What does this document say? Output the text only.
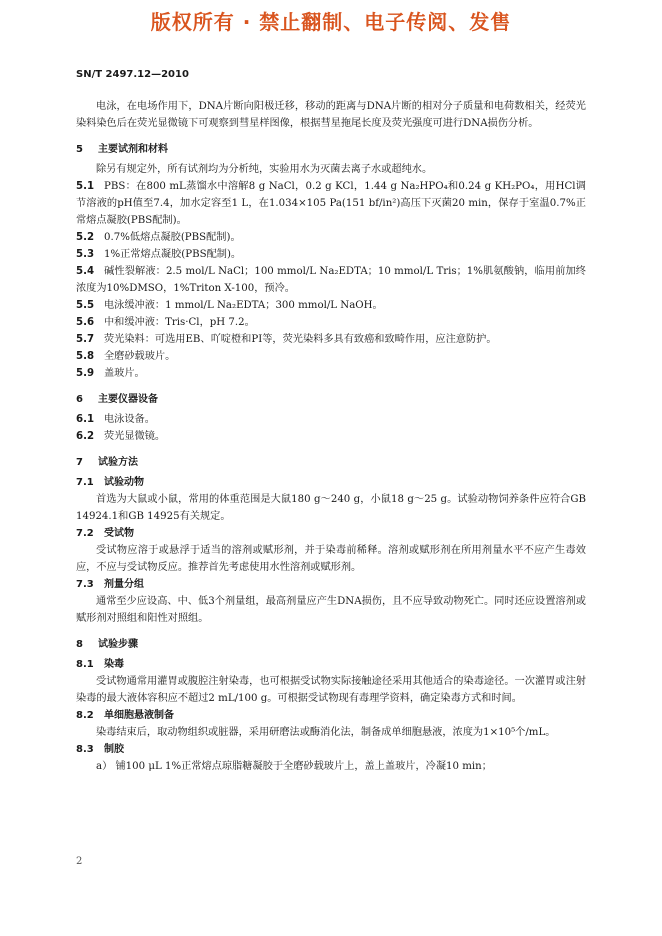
版权所有 · 禁止翻制、电子传阅、发售
SN/T 2497.12—2010

电泳，在电场作用下，DNA片断向阳极迁移，移动的距离与DNA片断的相对分子质量和电荷数相关，经荧光染料染色后在荧光显微镜下可观察到彗星样图像，根据彗星拖尾长度及荧光强度可进行DNA损伤分析。

5 主要试剂和材料

除另有规定外，所有试剂均为分析纯，实验用水为灭菌去离子水或超纯水。

5.1 PBS：在800 mL蒸馏水中溶解8 g NaCl，0.2 g KCl，1.44 g Na₂HPO₄和0.24 g KH₂PO₄，用HCl调节溶液的pH值至7.4，加水定容至1 L，在1.034×105 Pa(151 bf/in²)高压下灭菌20 min，保存于室温0.7%正常熔点凝胶(PBS配制)。

5.2 0.7%低熔点凝胶(PBS配制)。

5.3 1%正常熔点凝胶(PBS配制)。

5.4 碱性裂解液：2.5 mol/L NaCl；100 mmol/L Na₂EDTA；10 mmol/L Tris；1%肌氨酸钠，临用前加终浓度为10%DMSO，1%Triton X-100，预冷。

5.5 电泳缓冲液：1 mmol/L Na₂EDTA；300 mmol/L NaOH。

5.6 中和缓冲液：Tris·Cl，pH 7.2。

5.7 荧光染料：可选用EB、吖啶橙和PI等，荧光染料多具有致癌和致畸作用，应注意防护。

5.8 全磨砂载玻片。

5.9 盖玻片。

6 主要仪器设备

6.1 电泳设备。

6.2 荧光显微镜。

7 试验方法
7.1 试验动物

首选为大鼠或小鼠，常用的体重范围是大鼠180 g～240 g，小鼠18 g～25 g。试验动物饲养条件应符合GB 14924.1和GB 14925有关规定。

7.2 受试物

受试物应溶于或悬浮于适当的溶剂或赋形剂，并于染毒前稀释。溶剂或赋形剂在所用剂量水平不应产生毒效应，不应与受试物反应。推荐首先考虑使用水性溶剂或赋形剂。

7.3 剂量分组

通常至少应设高、中、低3个剂量组，最高剂量应产生DNA损伤，且不应导致动物死亡。同时还应设置溶剂或赋形剂对照组和阳性对照组。

8 试验步骤
8.1 染毒

受试物通常用灌胃或腹腔注射染毒，也可根据受试物实际接触途径采用其他适合的染毒途径。一次灌胃或注射染毒的最大液体容积应不超过2 mL/100 g。可根据受试物现有毒理学资料，确定染毒方式和时间。

8.2 单细胞悬液制备

染毒结束后，取动物组织或脏器，采用研磨法或酶消化法，制备成单细胞悬液，浓度为1×10⁵个/mL。

8.3 制胶

a） 铺100 μL 1%正常熔点琼脂糖凝胶于全磨砂载玻片上，盖上盖玻片，冷凝10 min；

2
